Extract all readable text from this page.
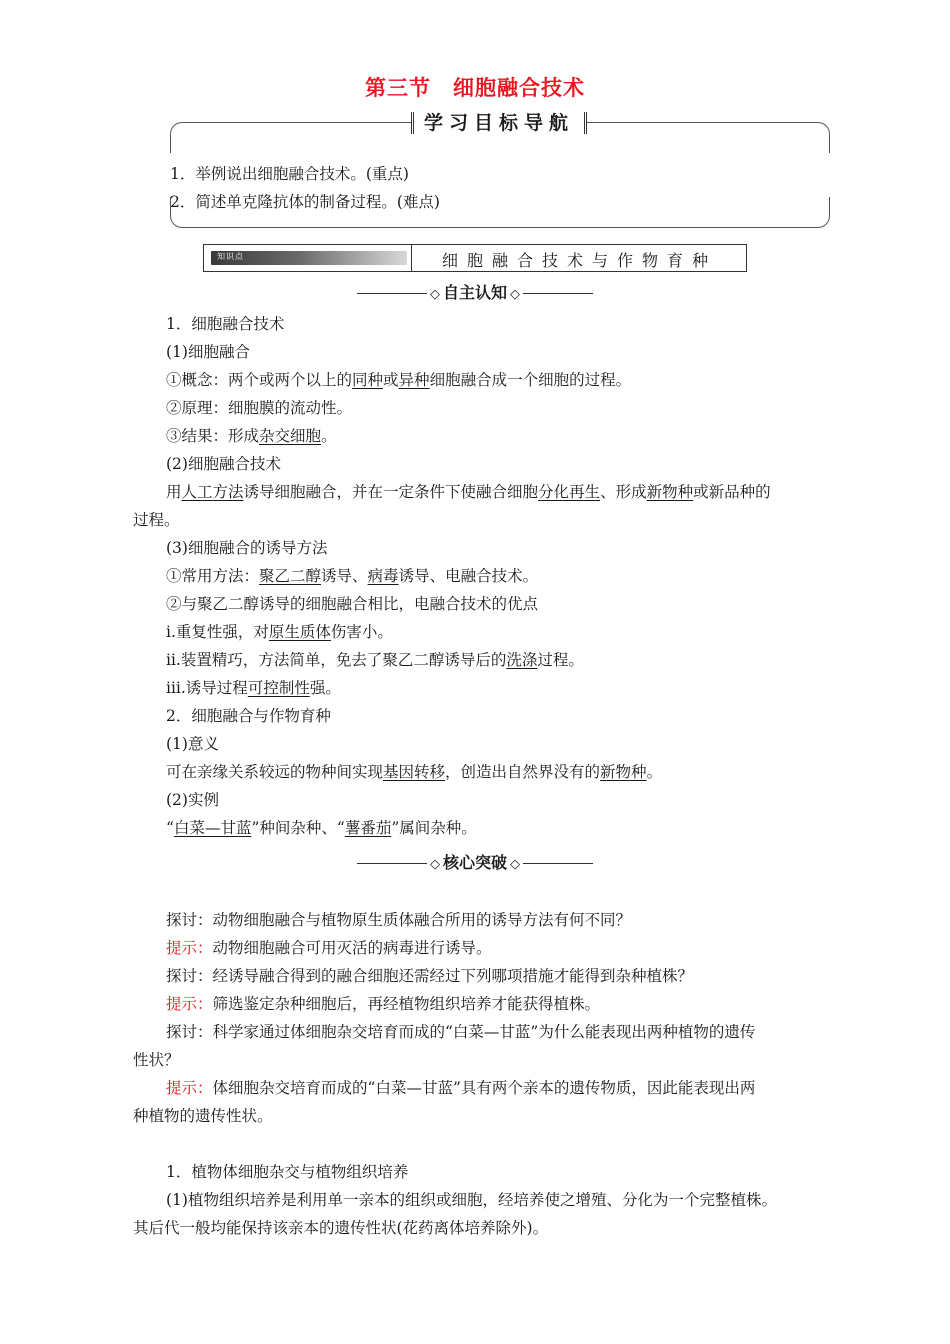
第三节　细胞融合技术
学习目标导航
1．举例说出细胞融合技术。(重点)
2．简述单克隆抗体的制备过程。(难点)
知识点	细胞融合技术与作物育种
◇ 自主认知 ◇
1．细胞融合技术
(1)细胞融合
①概念：两个或两个以上的同种或异种细胞融合成一个细胞的过程。
②原理：细胞膜的流动性。
③结果：形成杂交细胞。
(2)细胞融合技术
用人工方法诱导细胞融合，并在一定条件下使融合细胞分化再生、形成新物种或新品种的
过程。
(3)细胞融合的诱导方法
①常用方法：聚乙二醇诱导、病毒诱导、电融合技术。
②与聚乙二醇诱导的细胞融合相比，电融合技术的优点
ⅰ.重复性强，对原生质体伤害小。
ⅱ.装置精巧，方法简单，免去了聚乙二醇诱导后的洗涤过程。
ⅲ.诱导过程可控制性强。
2．细胞融合与作物育种
(1)意义
可在亲缘关系较远的物种间实现基因转移，创造出自然界没有的新物种。
(2)实例
“白菜—甘蓝”种间杂种、“薯番茄”属间杂种。
◇ 核心突破 ◇
探讨：动物细胞融合与植物原生质体融合所用的诱导方法有何不同？
提示：动物细胞融合可用灭活的病毒进行诱导。
探讨：经诱导融合得到的融合细胞还需经过下列哪项措施才能得到杂种植株？
提示：筛选鉴定杂种细胞后，再经植物组织培养才能获得植株。
探讨：科学家通过体细胞杂交培育而成的“白菜—甘蓝”为什么能表现出两种植物的遗传
性状？
提示：体细胞杂交培育而成的“白菜—甘蓝”具有两个亲本的遗传物质，因此能表现出两
种植物的遗传性状。
1．植物体细胞杂交与植物组织培养
(1)植物组织培养是利用单一亲本的组织或细胞，经培养使之增殖、分化为一个完整植株。
其后代一般均能保持该亲本的遗传性状(花药离体培养除外)。
